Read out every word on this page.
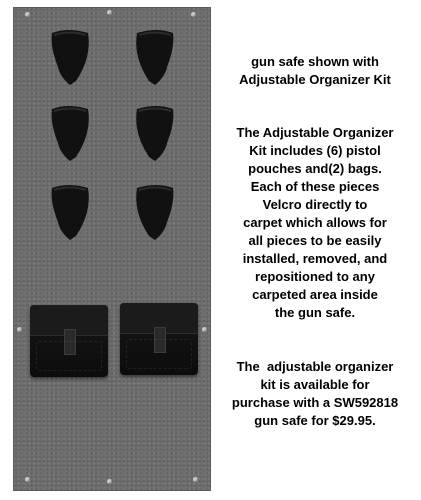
gun safe shown with
Adjustable Organizer Kit
The Adjustable Organizer
Kit includes (6) pistol
pouches and(2) bags.
Each of these pieces
Velcro directly to
carpet which allows for
all pieces to be easily
installed, removed, and
repositioned to any
carpeted area inside
the gun safe.
The  adjustable organizer
kit is available for
purchase with a SW592818
gun safe for $29.95.
